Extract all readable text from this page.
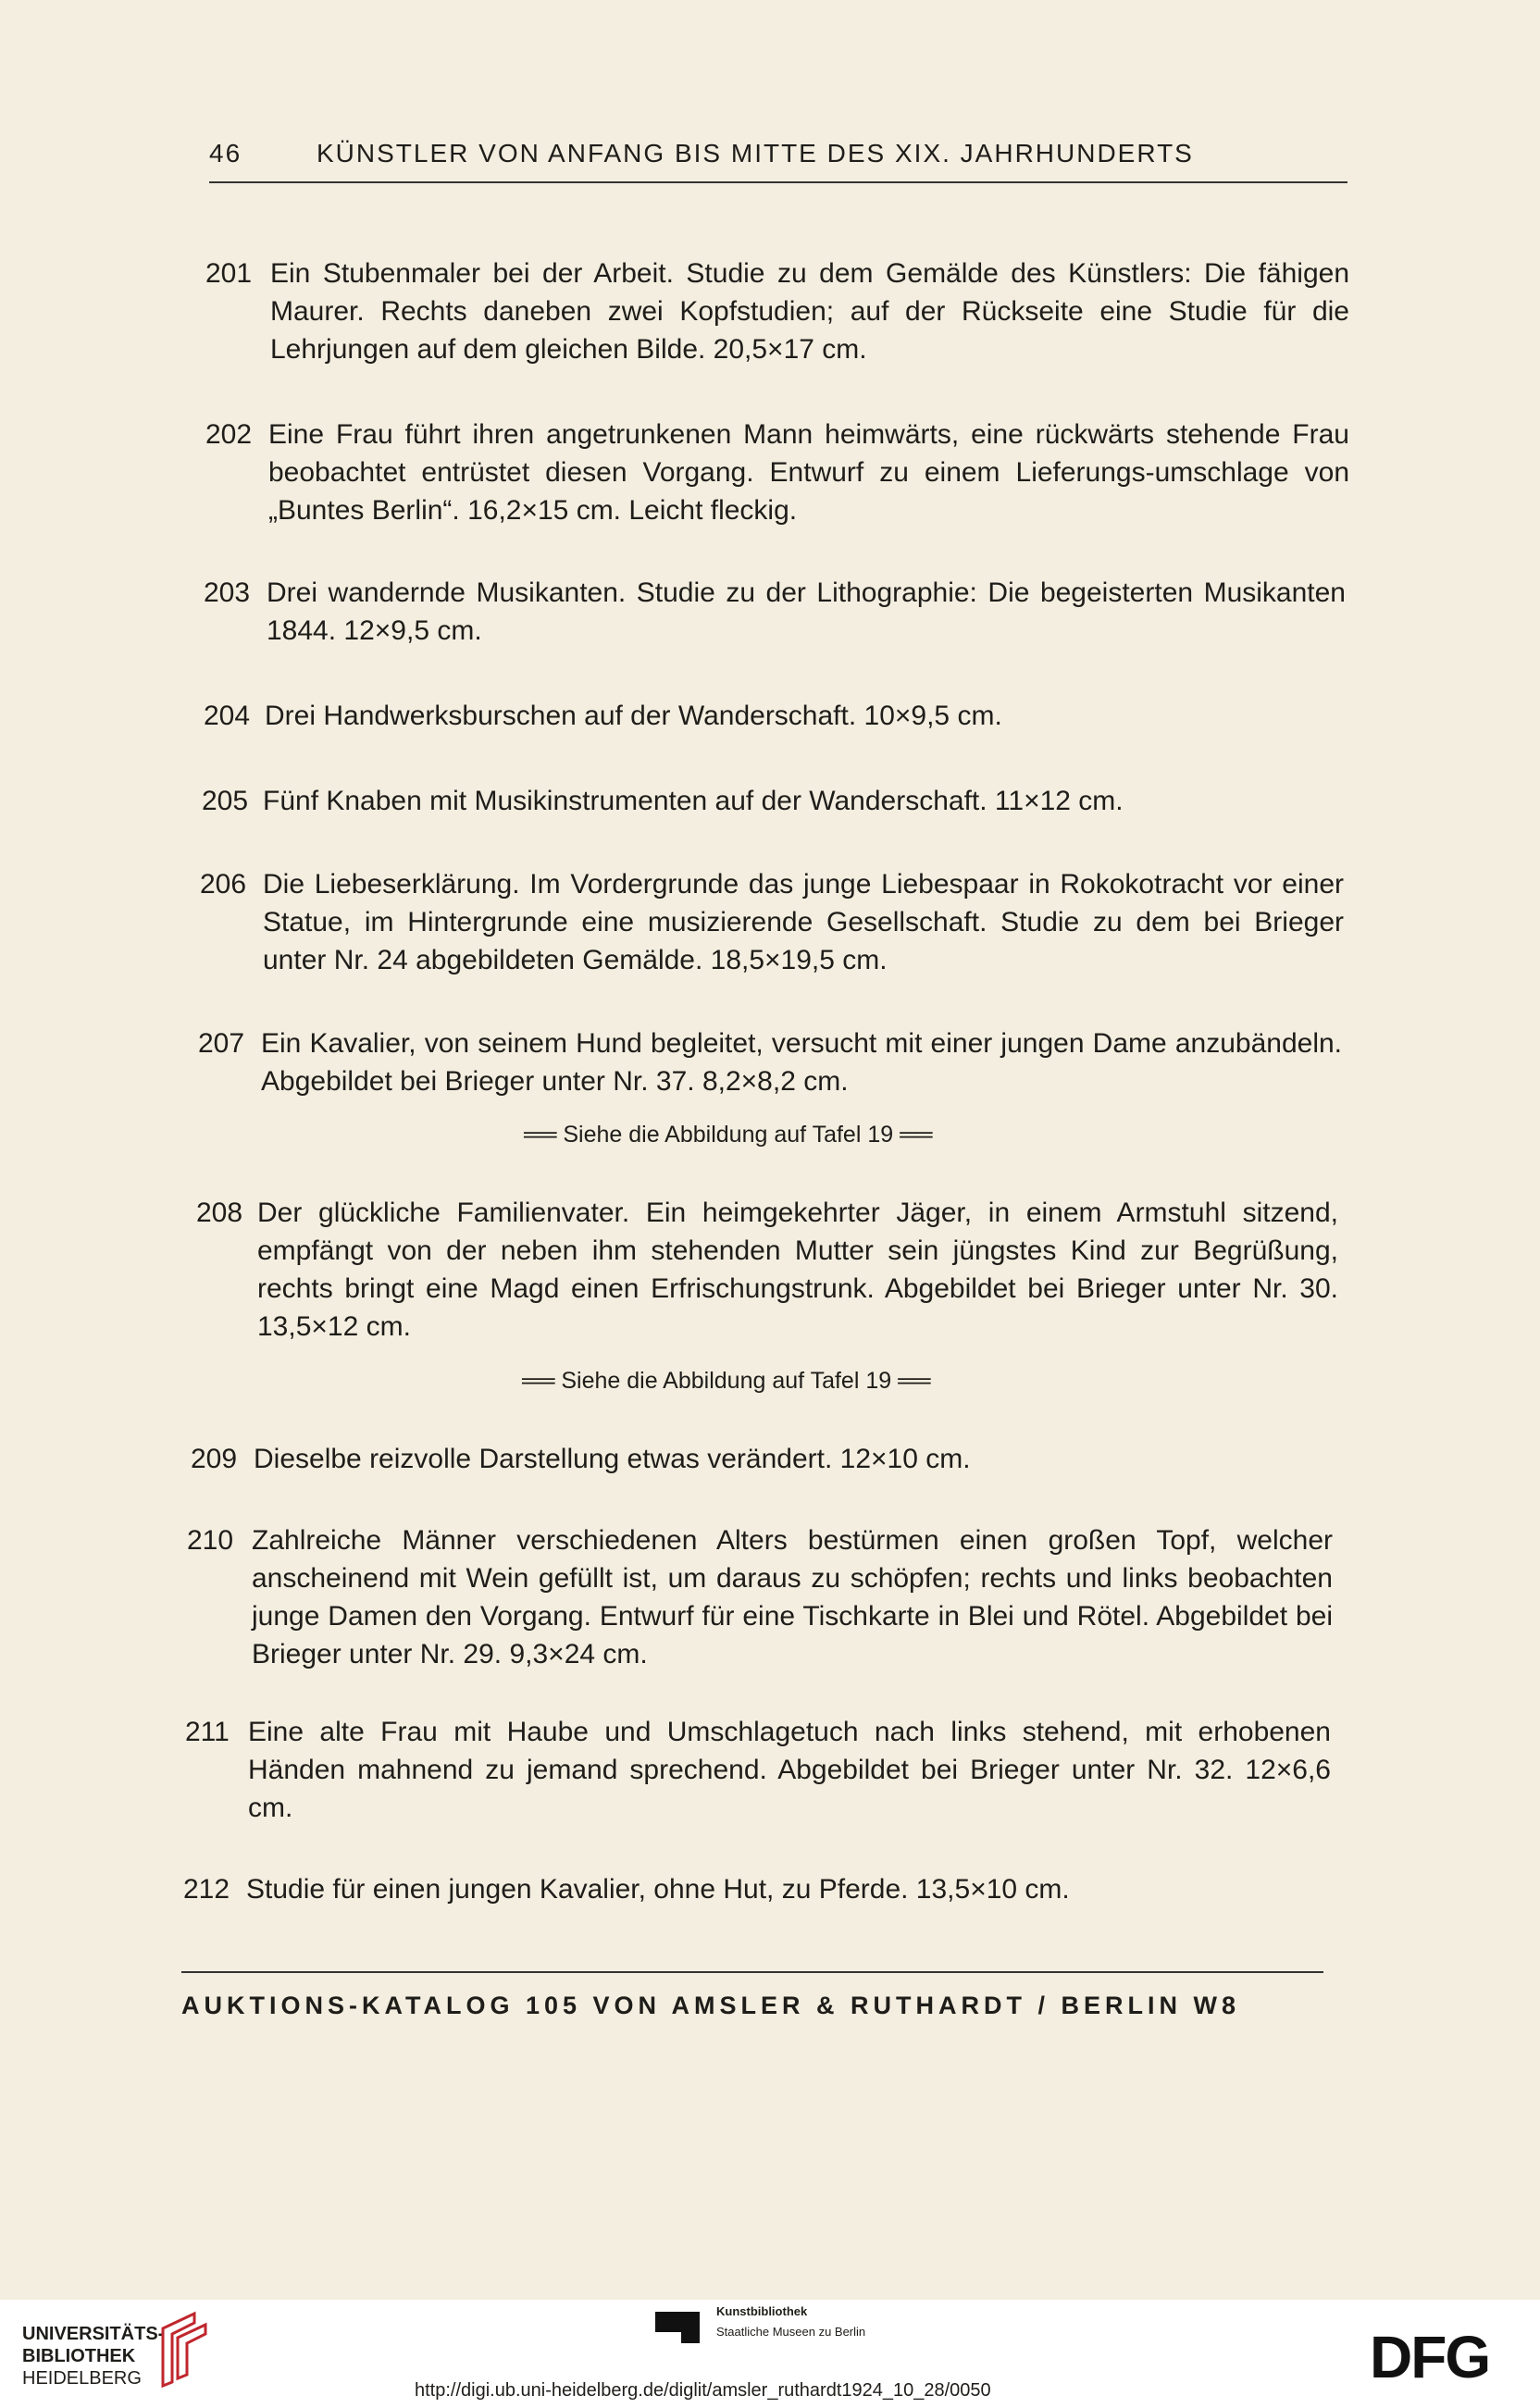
46	KÜNSTLER VON ANFANG BIS MITTE DES XIX. JAHRHUNDERTS
201 Ein Stubenmaler bei der Arbeit. Studie zu dem Gemälde des Künstlers: Die fähigen Maurer. Rechts daneben zwei Kopfstudien; auf der Rückseite eine Studie für die Lehrjungen auf dem gleichen Bilde. 20,5×17 cm.
202 Eine Frau führt ihren angetrunkenen Mann heimwärts, eine rückwärts stehende Frau beobachtet entrüstet diesen Vorgang. Entwurf zu einem Lieferungs-umschlage von „Buntes Berlin“. 16,2×15 cm. Leicht fleckig.
203 Drei wandernde Musikanten. Studie zu der Lithographie: Die begeisterten Musikanten 1844. 12×9,5 cm.
204 Drei Handwerksburschen auf der Wanderschaft. 10×9,5 cm.
205 Fünf Knaben mit Musikinstrumenten auf der Wanderschaft. 11×12 cm.
206 Die Liebeserklärung. Im Vordergrunde das junge Liebespaar in Rokokotracht vor einer Statue, im Hintergrunde eine musizierende Gesellschaft. Studie zu dem bei Brieger unter Nr. 24 abgebildeten Gemälde. 18,5×19,5 cm.
207 Ein Kavalier, von seinem Hund begleitet, versucht mit einer jungen Dame anzubändeln. Abgebildet bei Brieger unter Nr. 37. 8,2×8,2 cm.
══ Siehe die Abbildung auf Tafel 19 ══
208 Der glückliche Familienvater. Ein heimgekehrter Jäger, in einem Armstuhl sitzend, empfängt von der neben ihm stehenden Mutter sein jüngstes Kind zur Begrüßung, rechts bringt eine Magd einen Erfrischungstrunk. Abgebildet bei Brieger unter Nr. 30. 13,5×12 cm.
══ Siehe die Abbildung auf Tafel 19 ══
209 Dieselbe reizvolle Darstellung etwas verändert. 12×10 cm.
210 Zahlreiche Männer verschiedenen Alters bestürmen einen großen Topf, welcher anscheinend mit Wein gefüllt ist, um daraus zu schöpfen; rechts und links beobachten junge Damen den Vorgang. Entwurf für eine Tischkarte in Blei und Rötel. Abgebildet bei Brieger unter Nr. 29. 9,3×24 cm.
211 Eine alte Frau mit Haube und Umschlagetuch nach links stehend, mit erhobenen Händen mahnend zu jemand sprechend. Abgebildet bei Brieger unter Nr. 32. 12×6,6 cm.
212 Studie für einen jungen Kavalier, ohne Hut, zu Pferde. 13,5×10 cm.
AUKTIONS-KATALOG 105 VON AMSLER & RUTHARDT / BERLIN W8
UNIVERSITÄTS-
BIBLIOTHEK
HEIDELBERG
Kunstbibliothek
Staatliche Museen zu Berlin	DFG
http://digi.ub.uni-heidelberg.de/diglit/amsler_ruthardt1924_10_28/0050
